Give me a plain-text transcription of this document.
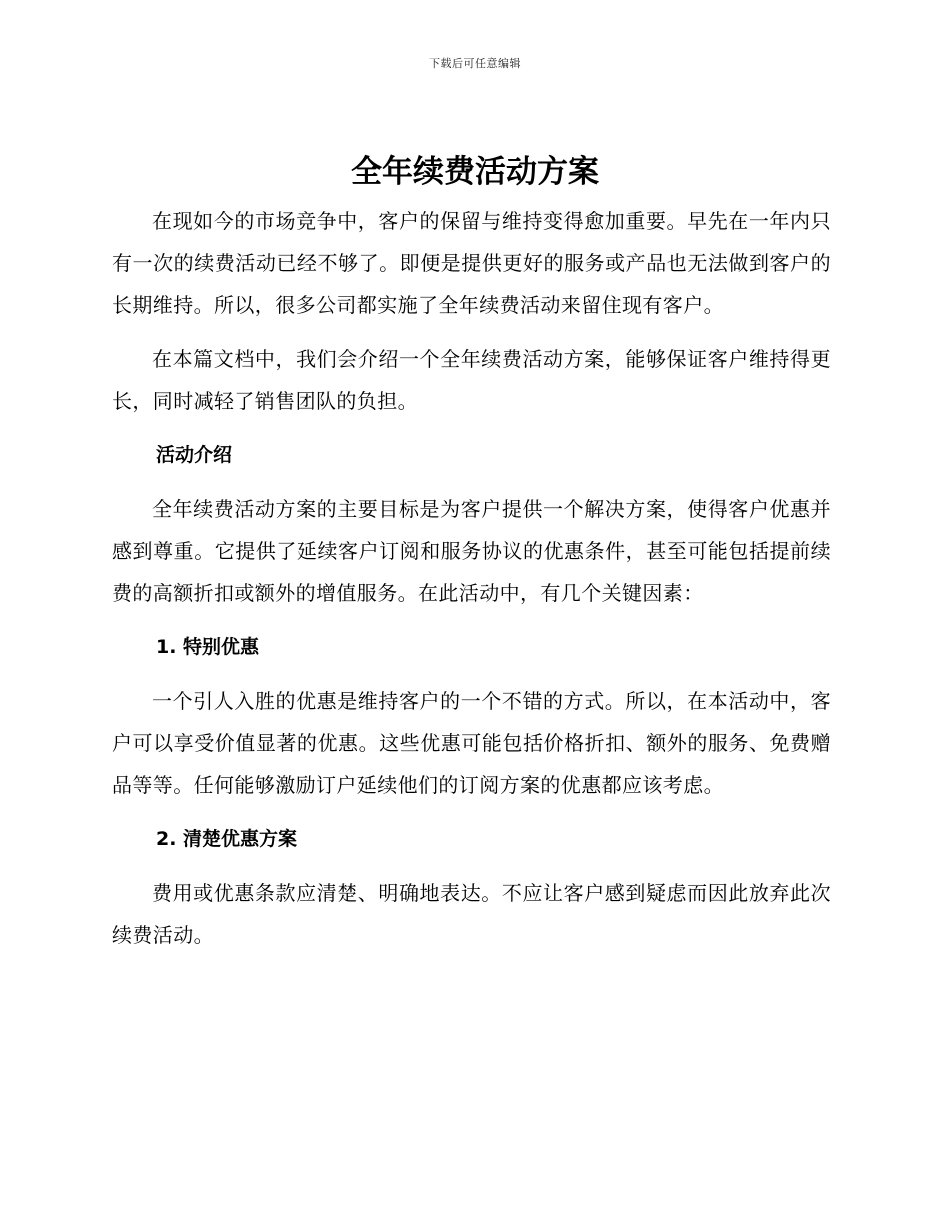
下载后可任意编辑
全年续费活动方案

在现如今的市场竞争中，客户的保留与维持变得愈加重要。早先在一年内只有一次的续费活动已经不够了。即便是提供更好的服务或产品也无法做到客户的长期维持。所以，很多公司都实施了全年续费活动来留住现有客户。

在本篇文档中，我们会介绍一个全年续费活动方案，能够保证客户维持得更长，同时减轻了销售团队的负担。

活动介绍

全年续费活动方案的主要目标是为客户提供一个解决方案，使得客户优惠并感到尊重。它提供了延续客户订阅和服务协议的优惠条件，甚至可能包括提前续费的高额折扣或额外的增值服务。在此活动中，有几个关键因素：

1. 特别优惠

一个引人入胜的优惠是维持客户的一个不错的方式。所以，在本活动中，客户可以享受价值显著的优惠。这些优惠可能包括价格折扣、额外的服务、免费赠品等等。任何能够激励订户延续他们的订阅方案的优惠都应该考虑。

2. 清楚优惠方案

费用或优惠条款应清楚、明确地表达。不应让客户感到疑虑而因此放弃此次续费活动。
